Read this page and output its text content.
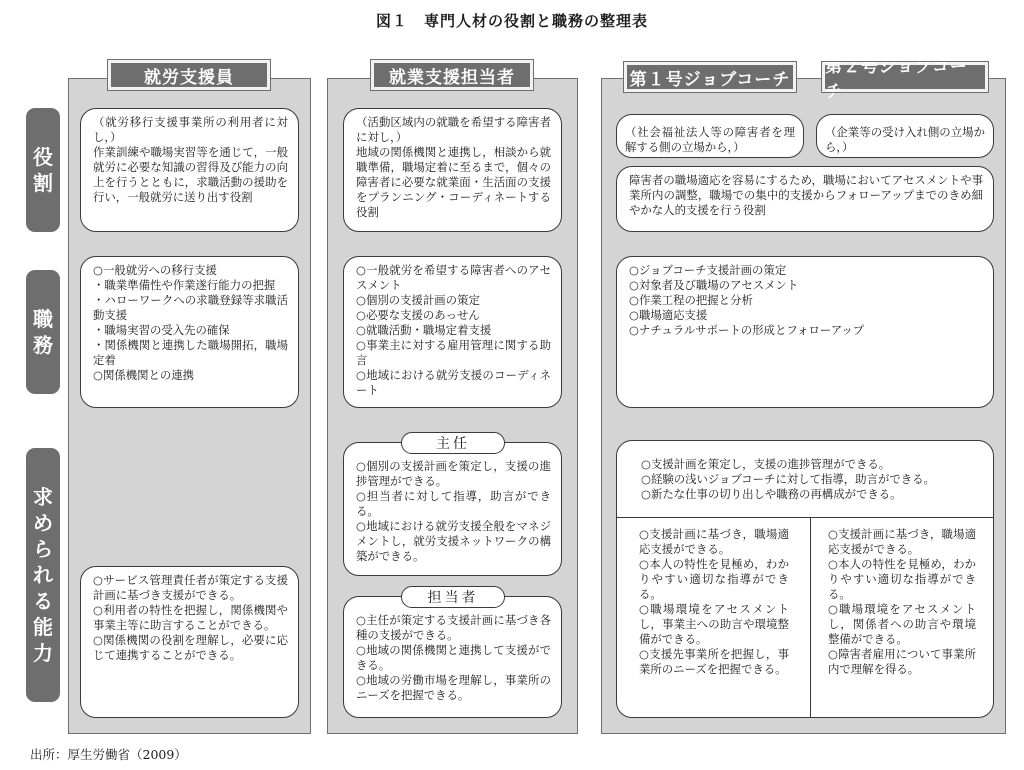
図１　専門人材の役割と職務の整理表
就労支援員	就業支援担当者	第１号ジョブコーチ
第２号ジョブコー
役
割
職
務
求
め
ら
れ
る
能
力
（就労移行支援事業所の利用者に対し，）
作業訓練や職場実習等を通じて，一般就労に必要な知識の習得及び能力の向上を行うとともに，求職活動の援助を行い，一般就労に送り出す役割
（活動区域内の就職を希望する障害者に対し，）
地域の関係機関と連携し，相談から就職準備，職場定着に至るまで，個々の障害者に必要な就業面・生活面の支援をプランニング・コーディネートする役割
（社会福祉法人等の障害者を理解する側の立場から，）
（企業等の受け入れ側の立場から，）
障害者の職場適応を容易にするため，職場においてアセスメントや事業所内の調整，職場での集中的支援からフォローアップまでのきめ細やかな人的支援を行う役割
○一般就労への移行支援
・職業準備性や作業遂行能力の把握
・ハローワークへの求職登録等求職活動支援
・職場実習の受入先の確保
・関係機関と連携した職場開拓，職場定着
○関係機関との連携
○一般就労を希望する障害者へのアセスメント
○個別の支援計画の策定
○必要な支援のあっせん
○就職活動・職場定着支援
○事業主に対する雇用管理に関する助言
○地域における就労支援のコーディネート
○ジョブコーチ支援計画の策定
○対象者及び職場のアセスメント
○作業工程の把握と分析
○職場適応支援
○ナチュラルサポートの形成とフォローアップ
○サービス管理責任者が策定する支援計画に基づき支援ができる。
○利用者の特性を把握し，関係機関や事業主等に助言することができる。
○関係機関の役割を理解し，必要に応じて連携することができる。
○個別の支援計画を策定し，支援の進捗管理ができる。
○担当者に対して指導，助言ができる。
○地域における就労支援全般をマネジメントし，就労支援ネットワークの構築ができる。
主任
○主任が策定する支援計画に基づき各種の支援ができる。
○地域の関係機関と連携して支援ができる。
○地域の労働市場を理解し，事業所のニーズを把握できる。
担当者

○支援計画を策定し，支援の進捗管理ができる。
○経験の浅いジョブコーチに対して指導，助言ができる。
○新たな仕事の切り出しや職務の再構成ができる。

○支援計画に基づき，職場適応支援ができる。
○本人の特性を見極め，わかりやすい適切な指導ができる。
○職場環境をアセスメントし，事業主への助言や環境整備ができる。
○支援先事業所を把握し，事業所のニーズを把握できる。

○支援計画に基づき，職場適応支援ができる。
○本人の特性を見極め，わかりやすい適切な指導ができる。
○職場環境をアセスメントし，関係者への助言や環境整備ができる。
○障害者雇用について事業所内で理解を得る。

出所：厚生労働省（2009）
